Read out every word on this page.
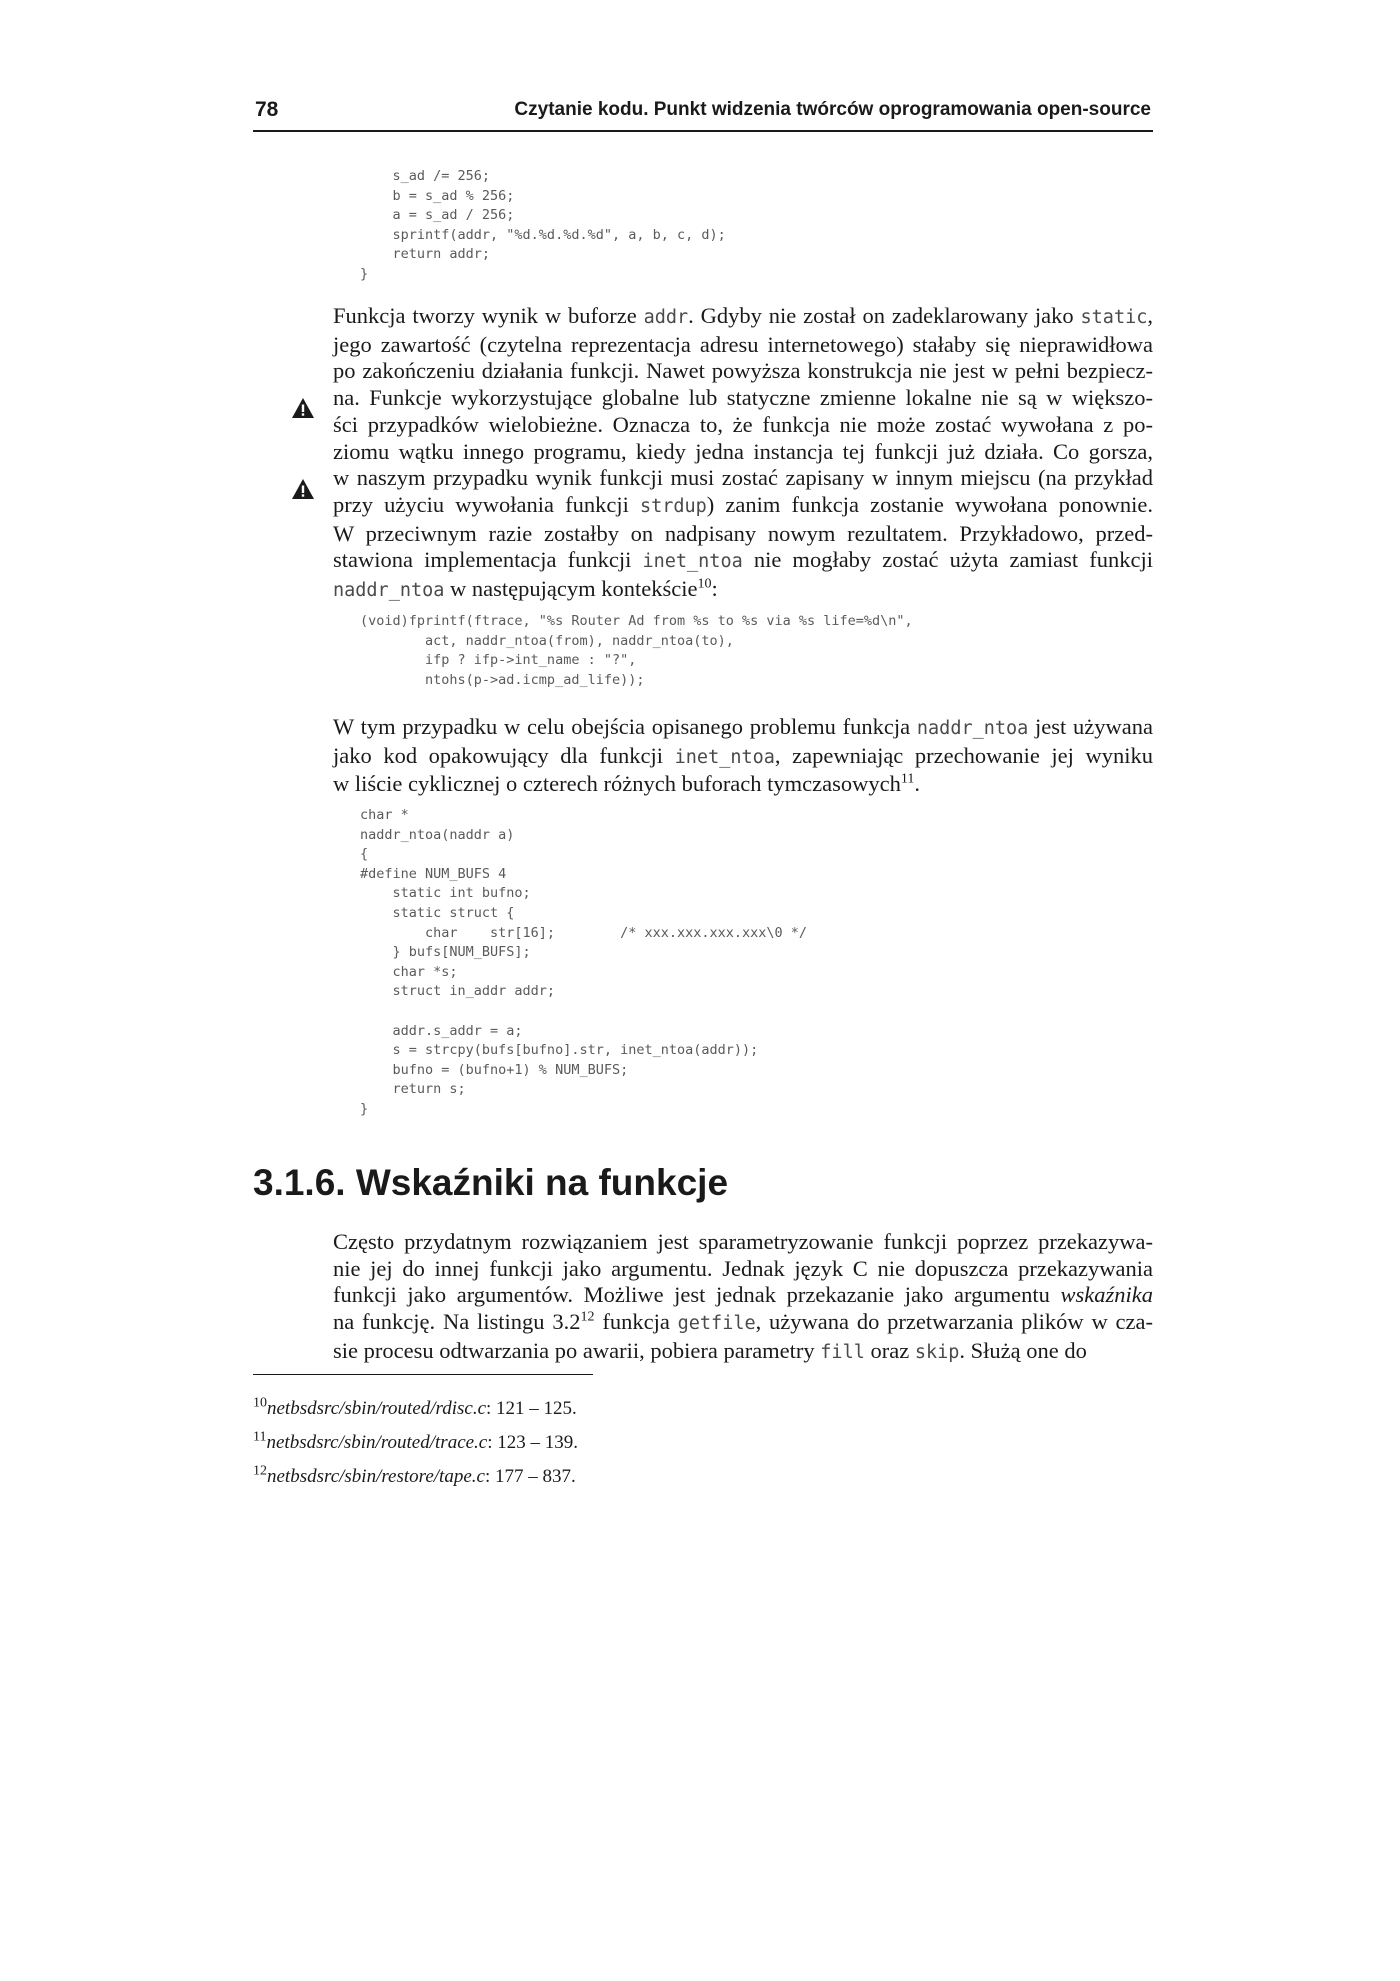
78	Czytanie kodu. Punkt widzenia twórców oprogramowania open-source
s_ad /= 256;
b = s_ad % 256;
a = s_ad / 256;
sprintf(addr, "%d.%d.%d.%d", a, b, c, d);
return addr;
}
Funkcja tworzy wynik w buforze addr. Gdyby nie został on zadeklarowany jako static,
jego zawartość (czytelna reprezentacja adresu internetowego) stałaby się nieprawidłowa
po zakończeniu działania funkcji. Nawet powyższa konstrukcja nie jest w pełni bezpiecz-
na. Funkcje wykorzystujące globalne lub statyczne zmienne lokalne nie są w większo-
ści przypadków wielobieżne. Oznacza to, że funkcja nie może zostać wywołana z po-
ziomu wątku innego programu, kiedy jedna instancja tej funkcji już działa. Co gorsza,
w naszym przypadku wynik funkcji musi zostać zapisany w innym miejscu (na przykład
przy użyciu wywołania funkcji strdup) zanim funkcja zostanie wywołana ponownie.
W przeciwnym razie zostałby on nadpisany nowym rezultatem. Przykładowo, przed-
stawiona implementacja funkcji inet_ntoa nie mogłaby zostać użyta zamiast funkcji
naddr_ntoa w następującym kontekście$^{10}$:
(void)fprintf(ftrace, "%s Router Ad from %s to %s via %s life=%d\n",
act, naddr_ntoa(from), naddr_ntoa(to),
ifp ? ifp->int_name : "?",
ntohs(p->ad.icmp_ad_life));
W tym przypadku w celu obejścia opisanego problemu funkcja naddr_ntoa jest używana
jako kod opakowujący dla funkcji inet_ntoa, zapewniając przechowanie jej wyniku
w liście cyklicznej o czterech różnych buforach tymczasowych$^{11}$.
char *
naddr_ntoa(naddr a)
{
#define NUM_BUFS 4
static int bufno;
static struct {
char    str[16];        /* xxx.xxx.xxx.xxx\0 */
} bufs[NUM_BUFS];
char *s;
struct in_addr addr;

addr.s_addr = a;
s = strcpy(bufs[bufno].str, inet_ntoa(addr));
bufno = (bufno+1) % NUM_BUFS;
return s;
}
3.1.6. Wskaźniki na funkcje
Często przydatnym rozwiązaniem jest sparametryzowanie funkcji poprzez przekazywa-
nie jej do innej funkcji jako argumentu. Jednak język C nie dopuszcza przekazywania
funkcji jako argumentów. Możliwe jest jednak przekazanie jako argumentu wskaźnika
na funkcję. Na listingu $3.2^{12}$ funkcja getfile, używana do przetwarzania plików w cza-
sie procesu odtwarzania po awarii, pobiera parametry fill oraz skip. Służą one do
$^{10}$netbsdsrc/sbin/routed/rdisc.c: 121 – 125.
$^{11}$netbsdsrc/sbin/routed/trace.c: 123 – 139.
$^{12}$netbsdsrc/sbin/restore/tape.c: 177 – 837.
